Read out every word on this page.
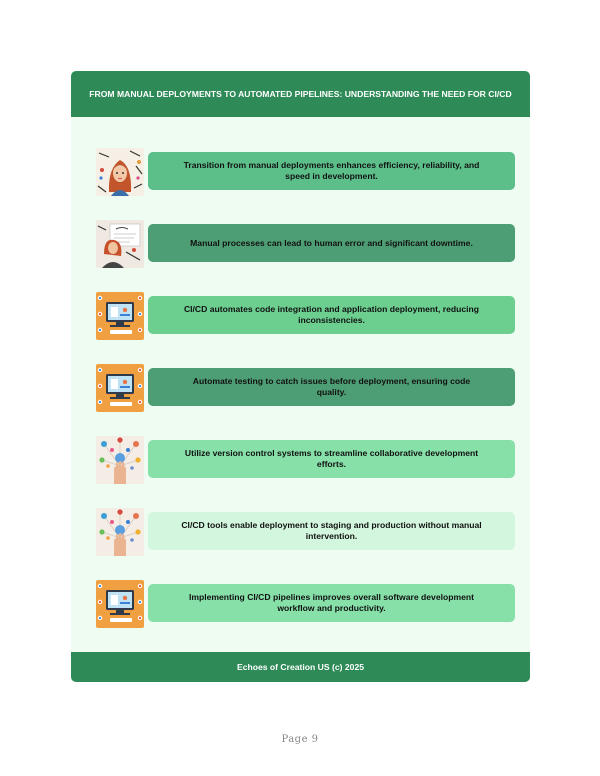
FROM MANUAL DEPLOYMENTS TO AUTOMATED PIPELINES: UNDERSTANDING THE NEED FOR CI/CD
Transition from manual deployments enhances efficiency, reliability, and speed in development.
Manual processes can lead to human error and significant downtime.
CI/CD automates code integration and application deployment, reducing inconsistencies.
Automate testing to catch issues before deployment, ensuring code quality.
Utilize version control systems to streamline collaborative development efforts.
CI/CD tools enable deployment to staging and production without manual intervention.
Implementing CI/CD pipelines improves overall software development workflow and productivity.
Echoes of Creation US (c) 2025
Page 9
